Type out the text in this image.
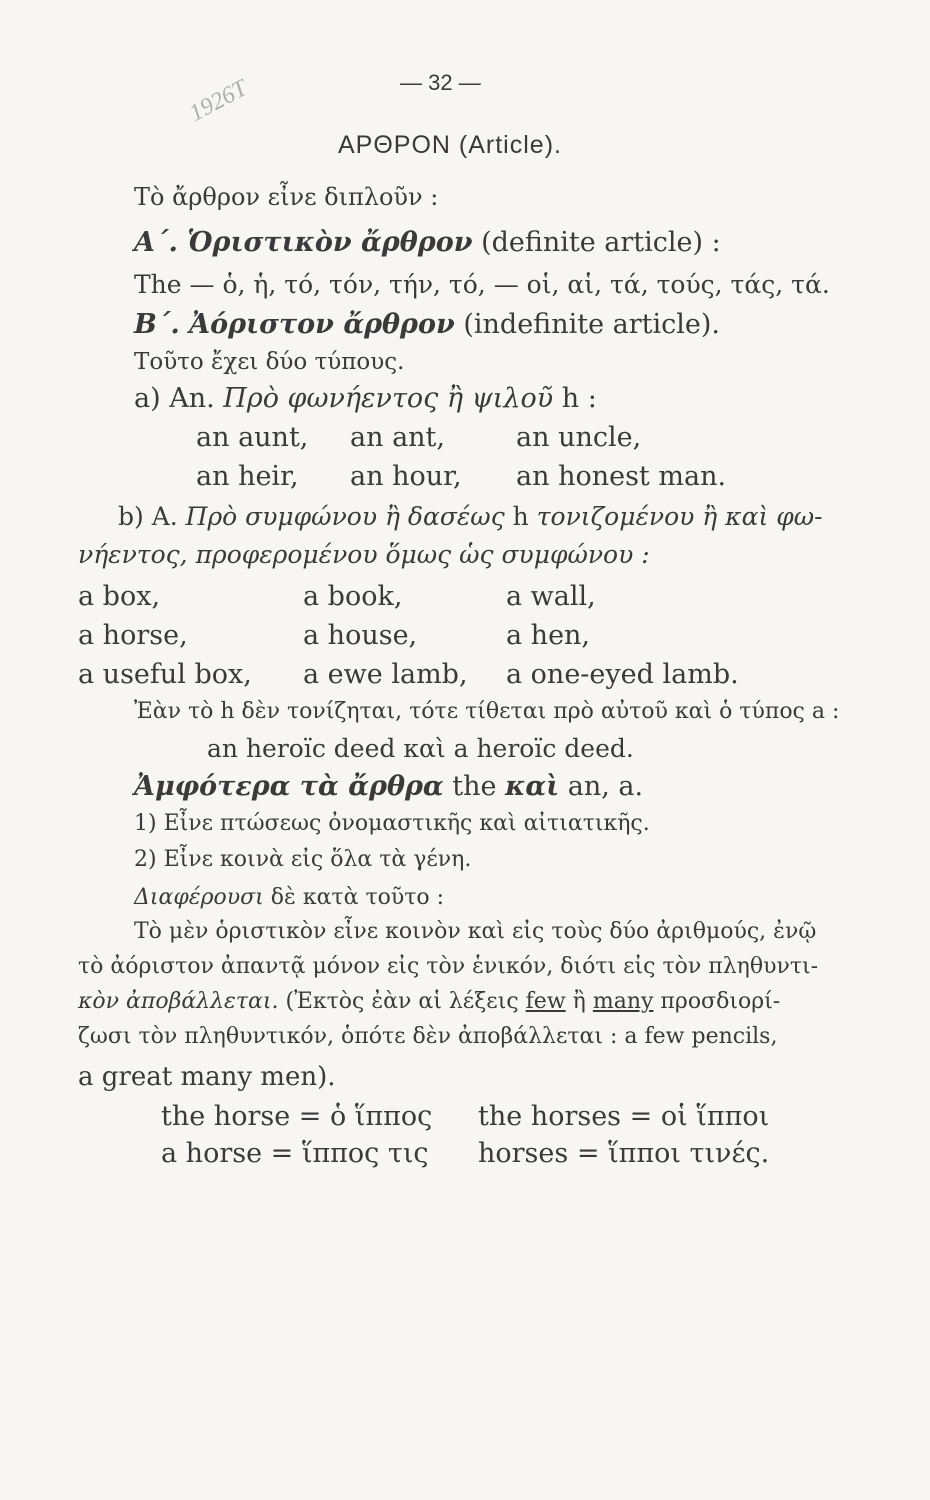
— 32 —
1926Т
ΑΡΘΡΟΝ (Article).
Τὸ ἄρθρον εἶνε διπλοῦν :
Α΄. Ὁριστικὸν ἄρθρον (definite article) :
The — ὁ, ἡ, τό, τόν, τήν, τό, — οἱ, αἱ, τά, τούς, τάς, τά.
Β΄. Ἀόριστον ἄρθρον (indefinite article).
Τοῦτο ἔχει δύο τύπους.
a) An. Πρὸ φωνήεντος ἢ ψιλοῦ h :
an aunt, an ant,	an uncle,
an heir, an hour, an honest man.
b) A. Πρὸ συμφώνου ἢ δασέως h τονιζομένου ἢ καὶ φω-
νήεντος, προφερομένου ὅμως ὡς συμφώνου :
a box,	a book,	a wall,
a horse,	a house,	a hen,
a useful box, a ewe lamb, a one-eyed lamb.
Ἐὰν τὸ h δὲν τονίζηται, τότε τίθεται πρὸ αὐτοῦ καὶ ὁ τύπος a :
an heroïc deed καὶ a heroïc deed.
Ἀμφότερα τὰ ἄρθρα the καὶ an, a.
1) Εἶνε πτώσεως ὀνομαστικῆς καὶ αἰτιατικῆς.
2) Εἶνε κοινὰ εἰς ὅλα τὰ γένη.
Διαφέρουσι δὲ κατὰ τοῦτο :
Τὸ μὲν ὁριστικὸν εἶνε κοινὸν καὶ εἰς τοὺς δύο ἀριθμούς, ἐνῷ
τὸ ἀόριστον ἀπαντᾷ μόνον εἰς τὸν ἑνικόν, διότι εἰς τὸν πληθυντι-
κὸν ἀποβάλλεται. (Ἐκτὸς ἐὰν αἱ λέξεις few ἢ many προσδιορί-
ζωσι τὸν πληθυντικόν, ὁπότε δὲν ἀποβάλλεται : a few pencils,
a great many men).
the horse = ὁ ἵππος the horses = οἱ ἵπποι
a horse = ἵππος τις horses = ἵπποι τινές.
